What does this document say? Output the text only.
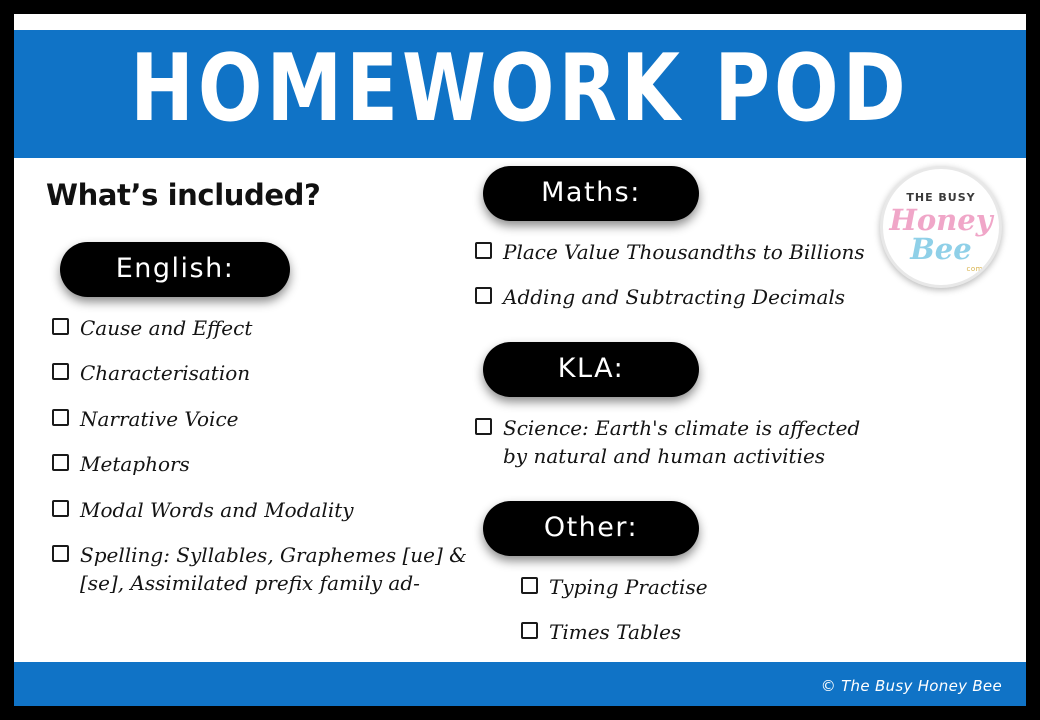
HOMEWORK POD
THE BUSY
Honey
Bee
com
What’s included?
English:
Cause and Effect
Characterisation
Narrative Voice
Metaphors
Modal Words and Modality
Spelling: Syllables, Graphemes [ue] & [se], Assimilated prefix family ad-
Maths:
Place Value Thousandths to Billions
Adding and Subtracting Decimals
KLA:
Science: Earth's climate is affected by natural and human activities
Other:
Typing Practise
Times Tables
© The Busy Honey Bee
